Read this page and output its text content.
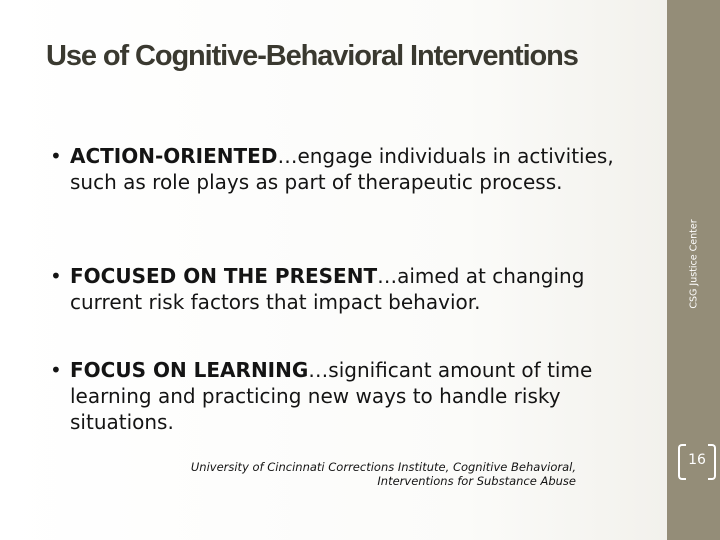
Use of Cognitive-Behavioral Interventions
• ACTION-ORIENTED…engage individuals in activities, such as role plays as part of therapeutic process.
• FOCUSED ON THE PRESENT…aimed at changing current risk factors that impact behavior.
• FOCUS ON LEARNING…significant amount of time learning and practicing new ways to handle risky situations.
University of Cincinnati Corrections Institute, Cognitive Behavioral,
Interventions for Substance Abuse
CSG Justice Center
16
